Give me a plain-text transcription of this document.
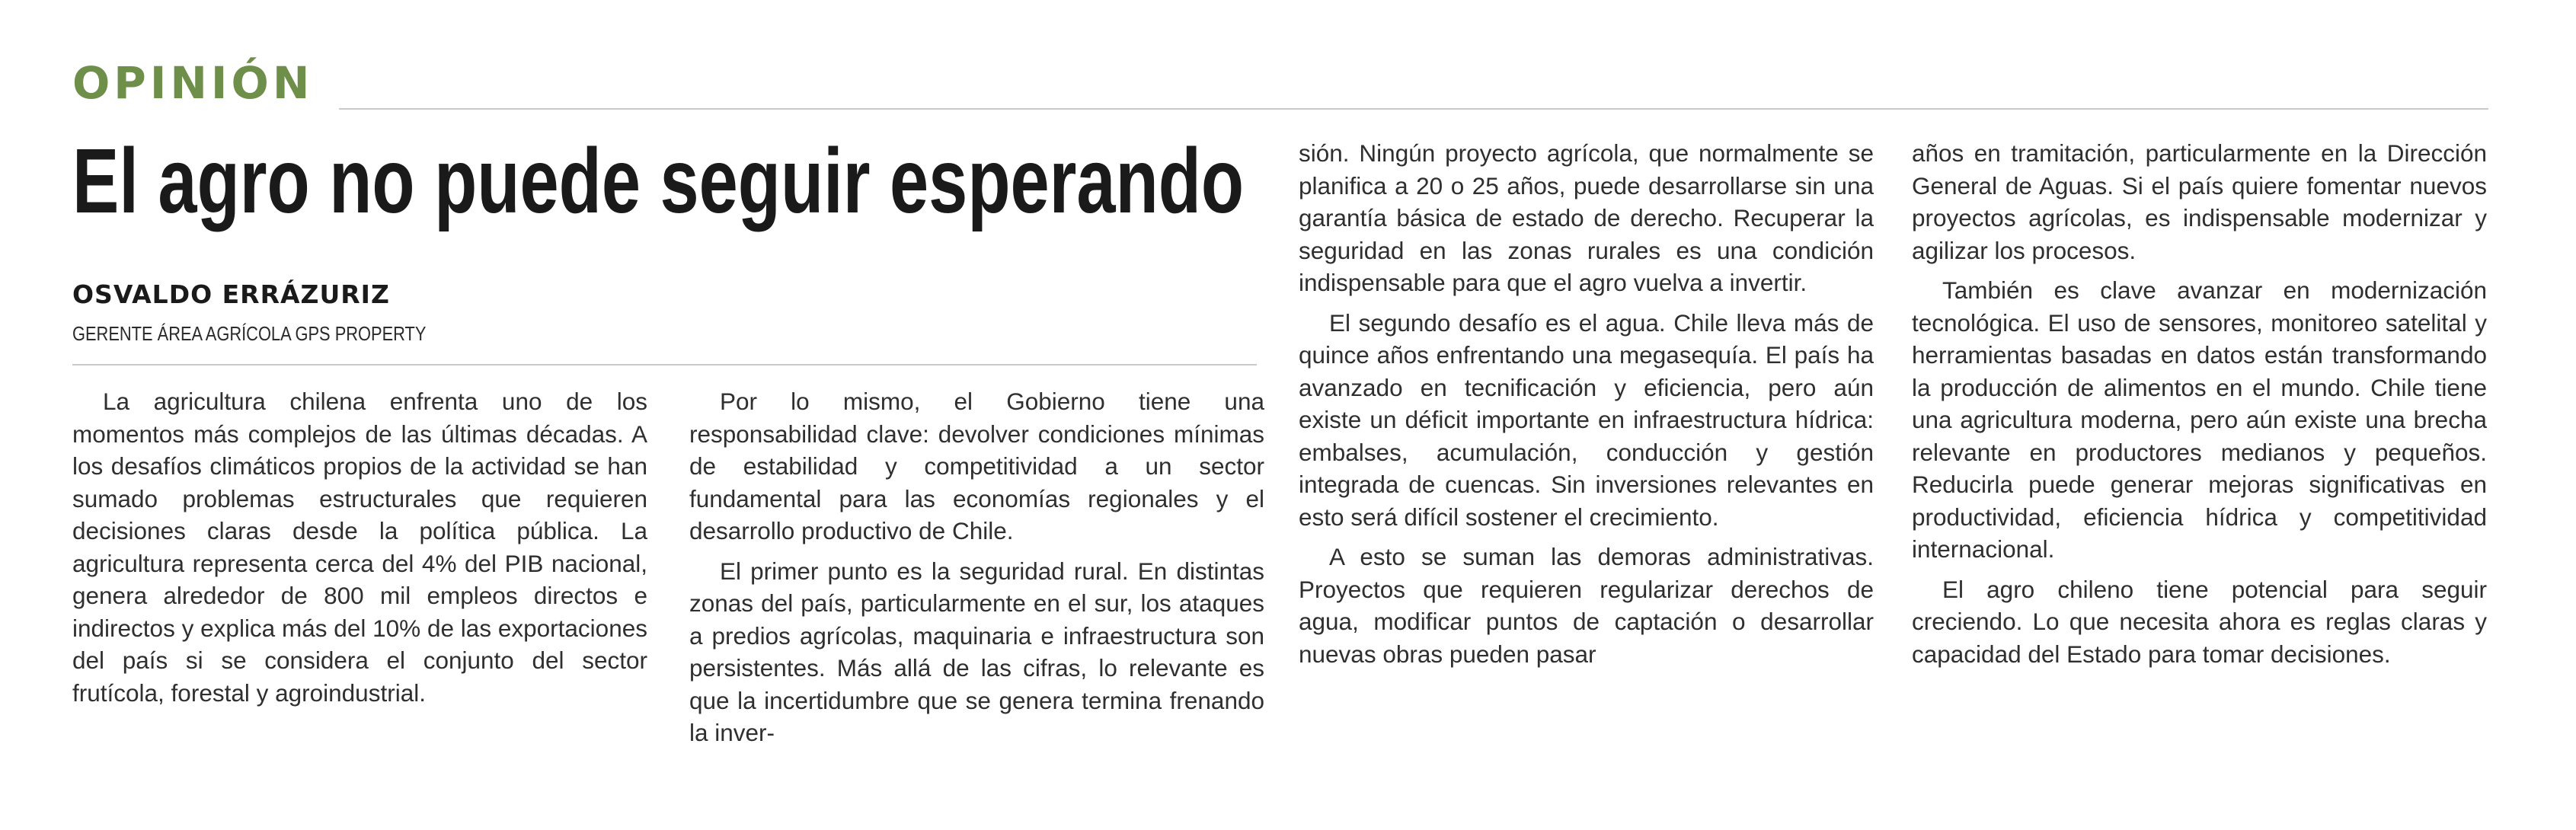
OPINIÓN
El agro no puede seguir esperando
OSVALDO ERRÁZURIZ
GERENTE ÁREA AGRÍCOLA GPS PROPERTY

La agricultura chilena enfrenta uno de los momentos más complejos de las últimas décadas. A los desafíos climáticos propios de la actividad se han sumado problemas estructurales que requieren decisiones claras desde la política pública. La agricultura representa cerca del 4% del PIB nacional, genera alrededor de 800 mil empleos directos e indirectos y explica más del 10% de las exportaciones del país si se considera el conjunto del sector frutícola, forestal y agroindustrial.

Por lo mismo, el Gobierno tiene una responsabilidad clave: devolver condiciones mínimas de estabilidad y competitividad a un sector fundamental para las economías regionales y el desarrollo productivo de Chile.

El primer punto es la seguridad rural. En distintas zonas del país, particularmente en el sur, los ataques a predios agrícolas, maquinaria e infraestructura son persistentes. Más allá de las cifras, lo relevante es que la incertidumbre que se genera termina frenando la inver-

sión. Ningún proyecto agrícola, que normalmente se planifica a 20 o 25 años, puede desarrollarse sin una garantía básica de estado de derecho. Recuperar la seguridad en las zonas rurales es una condición indispensable para que el agro vuelva a invertir.

El segundo desafío es el agua. Chile lleva más de quince años enfrentando una megasequía. El país ha avanzado en tecnificación y eficiencia, pero aún existe un déficit importante en infraestructura hídrica: embalses, acumulación, conducción y gestión integrada de cuencas. Sin inversiones relevantes en esto será difícil sostener el crecimiento.

A esto se suman las demoras administrativas. Proyectos que requieren regularizar derechos de agua, modificar puntos de captación o desarrollar nuevas obras pueden pasar

años en tramitación, particularmente en la Dirección General de Aguas. Si el país quiere fomentar nuevos proyectos agrícolas, es indispensable modernizar y agilizar los procesos.

También es clave avanzar en modernización tecnológica. El uso de sensores, monitoreo satelital y herramientas basadas en datos están transformando la producción de alimentos en el mundo. Chile tiene una agricultura moderna, pero aún existe una brecha relevante en productores medianos y pequeños. Reducirla puede generar mejoras significativas en productividad, eficiencia hídrica y competitividad internacional.

El agro chileno tiene potencial para seguir creciendo. Lo que necesita ahora es reglas claras y capacidad del Estado para tomar decisiones.
